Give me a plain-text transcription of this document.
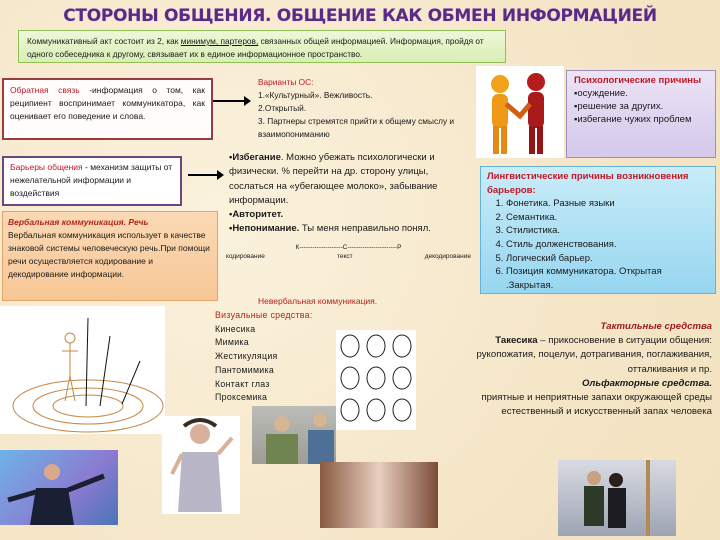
СТОРОНЫ ОБЩЕНИЯ. ОБЩЕНИЕ КАК ОБМЕН ИНФОРМАЦИЕЙ
Коммуникативный акт состоит из 2, как минимум, партеров, связанных общей информацией. Информация, пройдя от одного собеседника к другому, связывает их в единое информационное пространство.
Обратная связь -информация о том, как реципиент воспринимает коммуникатора, как оценивает его поведение и слова.
Варианты ОС:
1.«Культурный». Вежливость.
2.Открытый.
3. Партнеры стремятся прийти к общему смыслу и взаимопониманию
Психологические причины
▪осуждение.
▪решение за других.
▪избегание чужих проблем
Барьеры общения - механизм защиты от нежелательной информации и воздействия
•Избегание. Можно убежать психологически и физически. % перейти на др. сторону улицы, сослаться на «убегающее молоко», забывание информации.
•Авторитет.
•Непонимание. Ты меня неправильно понял.
К--------------------С-----------------------Р
кодирование	текст	декодирование
Лингвистические причины возникновения барьеров:
1. Фонетика. Разные языки
2. Семантика.
3. Стилистика.
4. Стиль долженствования.
5. Логический барьер.
6. Позиция коммуникатора. Открытая .Закрытая.
Вербальная коммуникация. Речь
Вербальная коммуникация использует в качестве знаковой системы человеческую речь.При помощи речи осуществляется кодирование и декодирование информации.
Невербальная коммуникация.
Визуальные средства:
Кинесика
Мимика
Жестикуляция
Пантомимика
Контакт глаз
Проксемика
Тактильные средства
Такесика – прикосновение в ситуации общения: рукопожатия, поцелуи, дотрагивания, поглаживания, отталкивания и пр.
Ольфакторные средства.
приятные и неприятные запахи окружающей среды
естественный и искусственный запах человека
